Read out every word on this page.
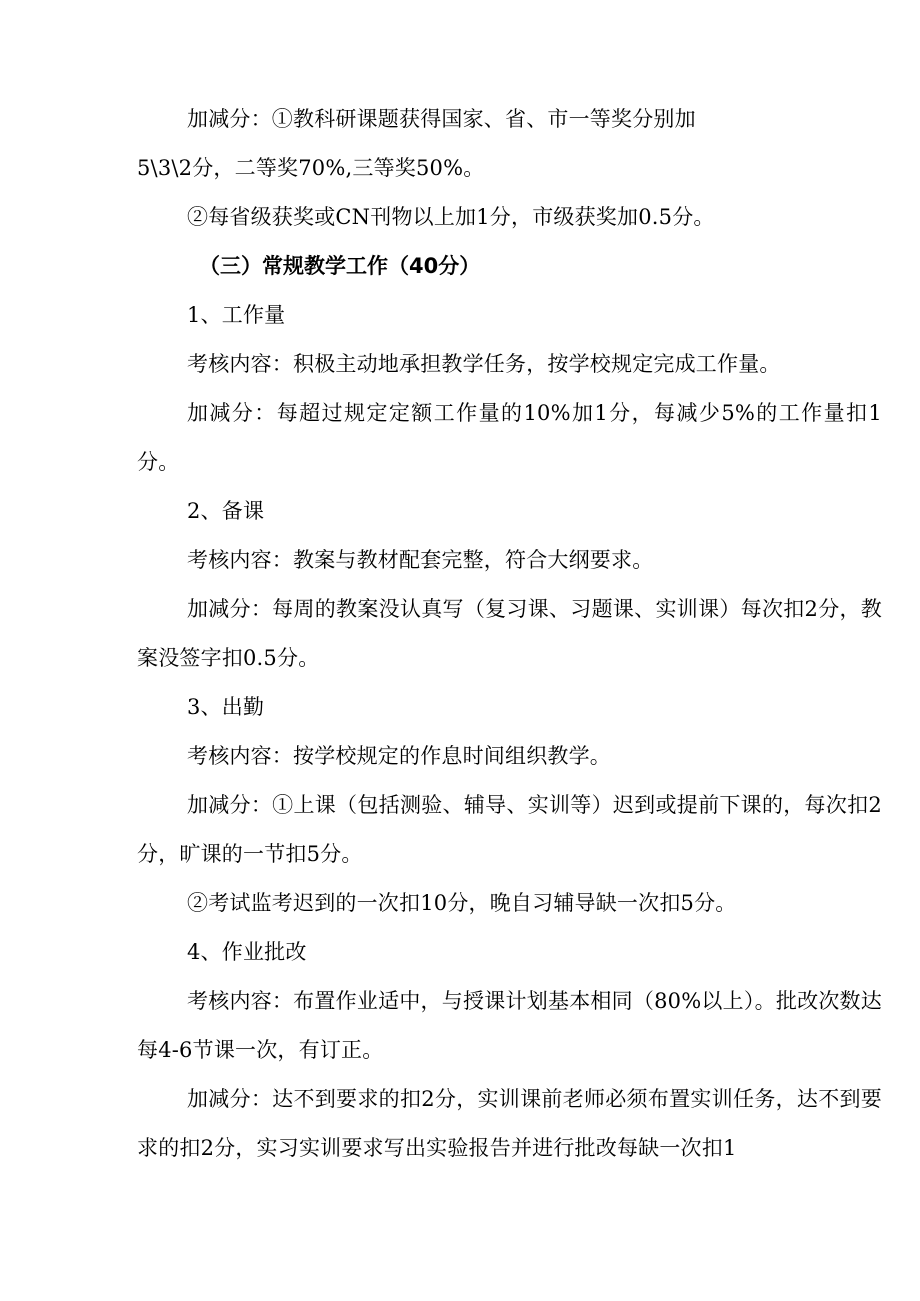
加减分：①教科研课题获得国家、省、市一等奖分别加5\3\2分，二等奖70%,三等奖50%。

②每省级获奖或CN刊物以上加1分，市级获奖加0.5分。

（三）常规教学工作（40分）

1、工作量

考核内容：积极主动地承担教学任务，按学校规定完成工作量。

加减分：每超过规定定额工作量的10%加1分，每减少5%的工作量扣1分。

2、备课

考核内容：教案与教材配套完整，符合大纲要求。

加减分：每周的教案没认真写（复习课、习题课、实训课）每次扣2分，教案没签字扣0.5分。

3、出勤

考核内容：按学校规定的作息时间组织教学。

加减分：①上课（包括测验、辅导、实训等）迟到或提前下课的，每次扣2分，旷课的一节扣5分。

②考试监考迟到的一次扣10分，晚自习辅导缺一次扣5分。

4、作业批改

考核内容：布置作业适中，与授课计划基本相同（80%以上）。批改次数达每4-6节课一次，有订正。

加减分：达不到要求的扣2分，实训课前老师必须布置实训任务，达不到要求的扣2分，实习实训要求写出实验报告并进行批改每缺一次扣1
